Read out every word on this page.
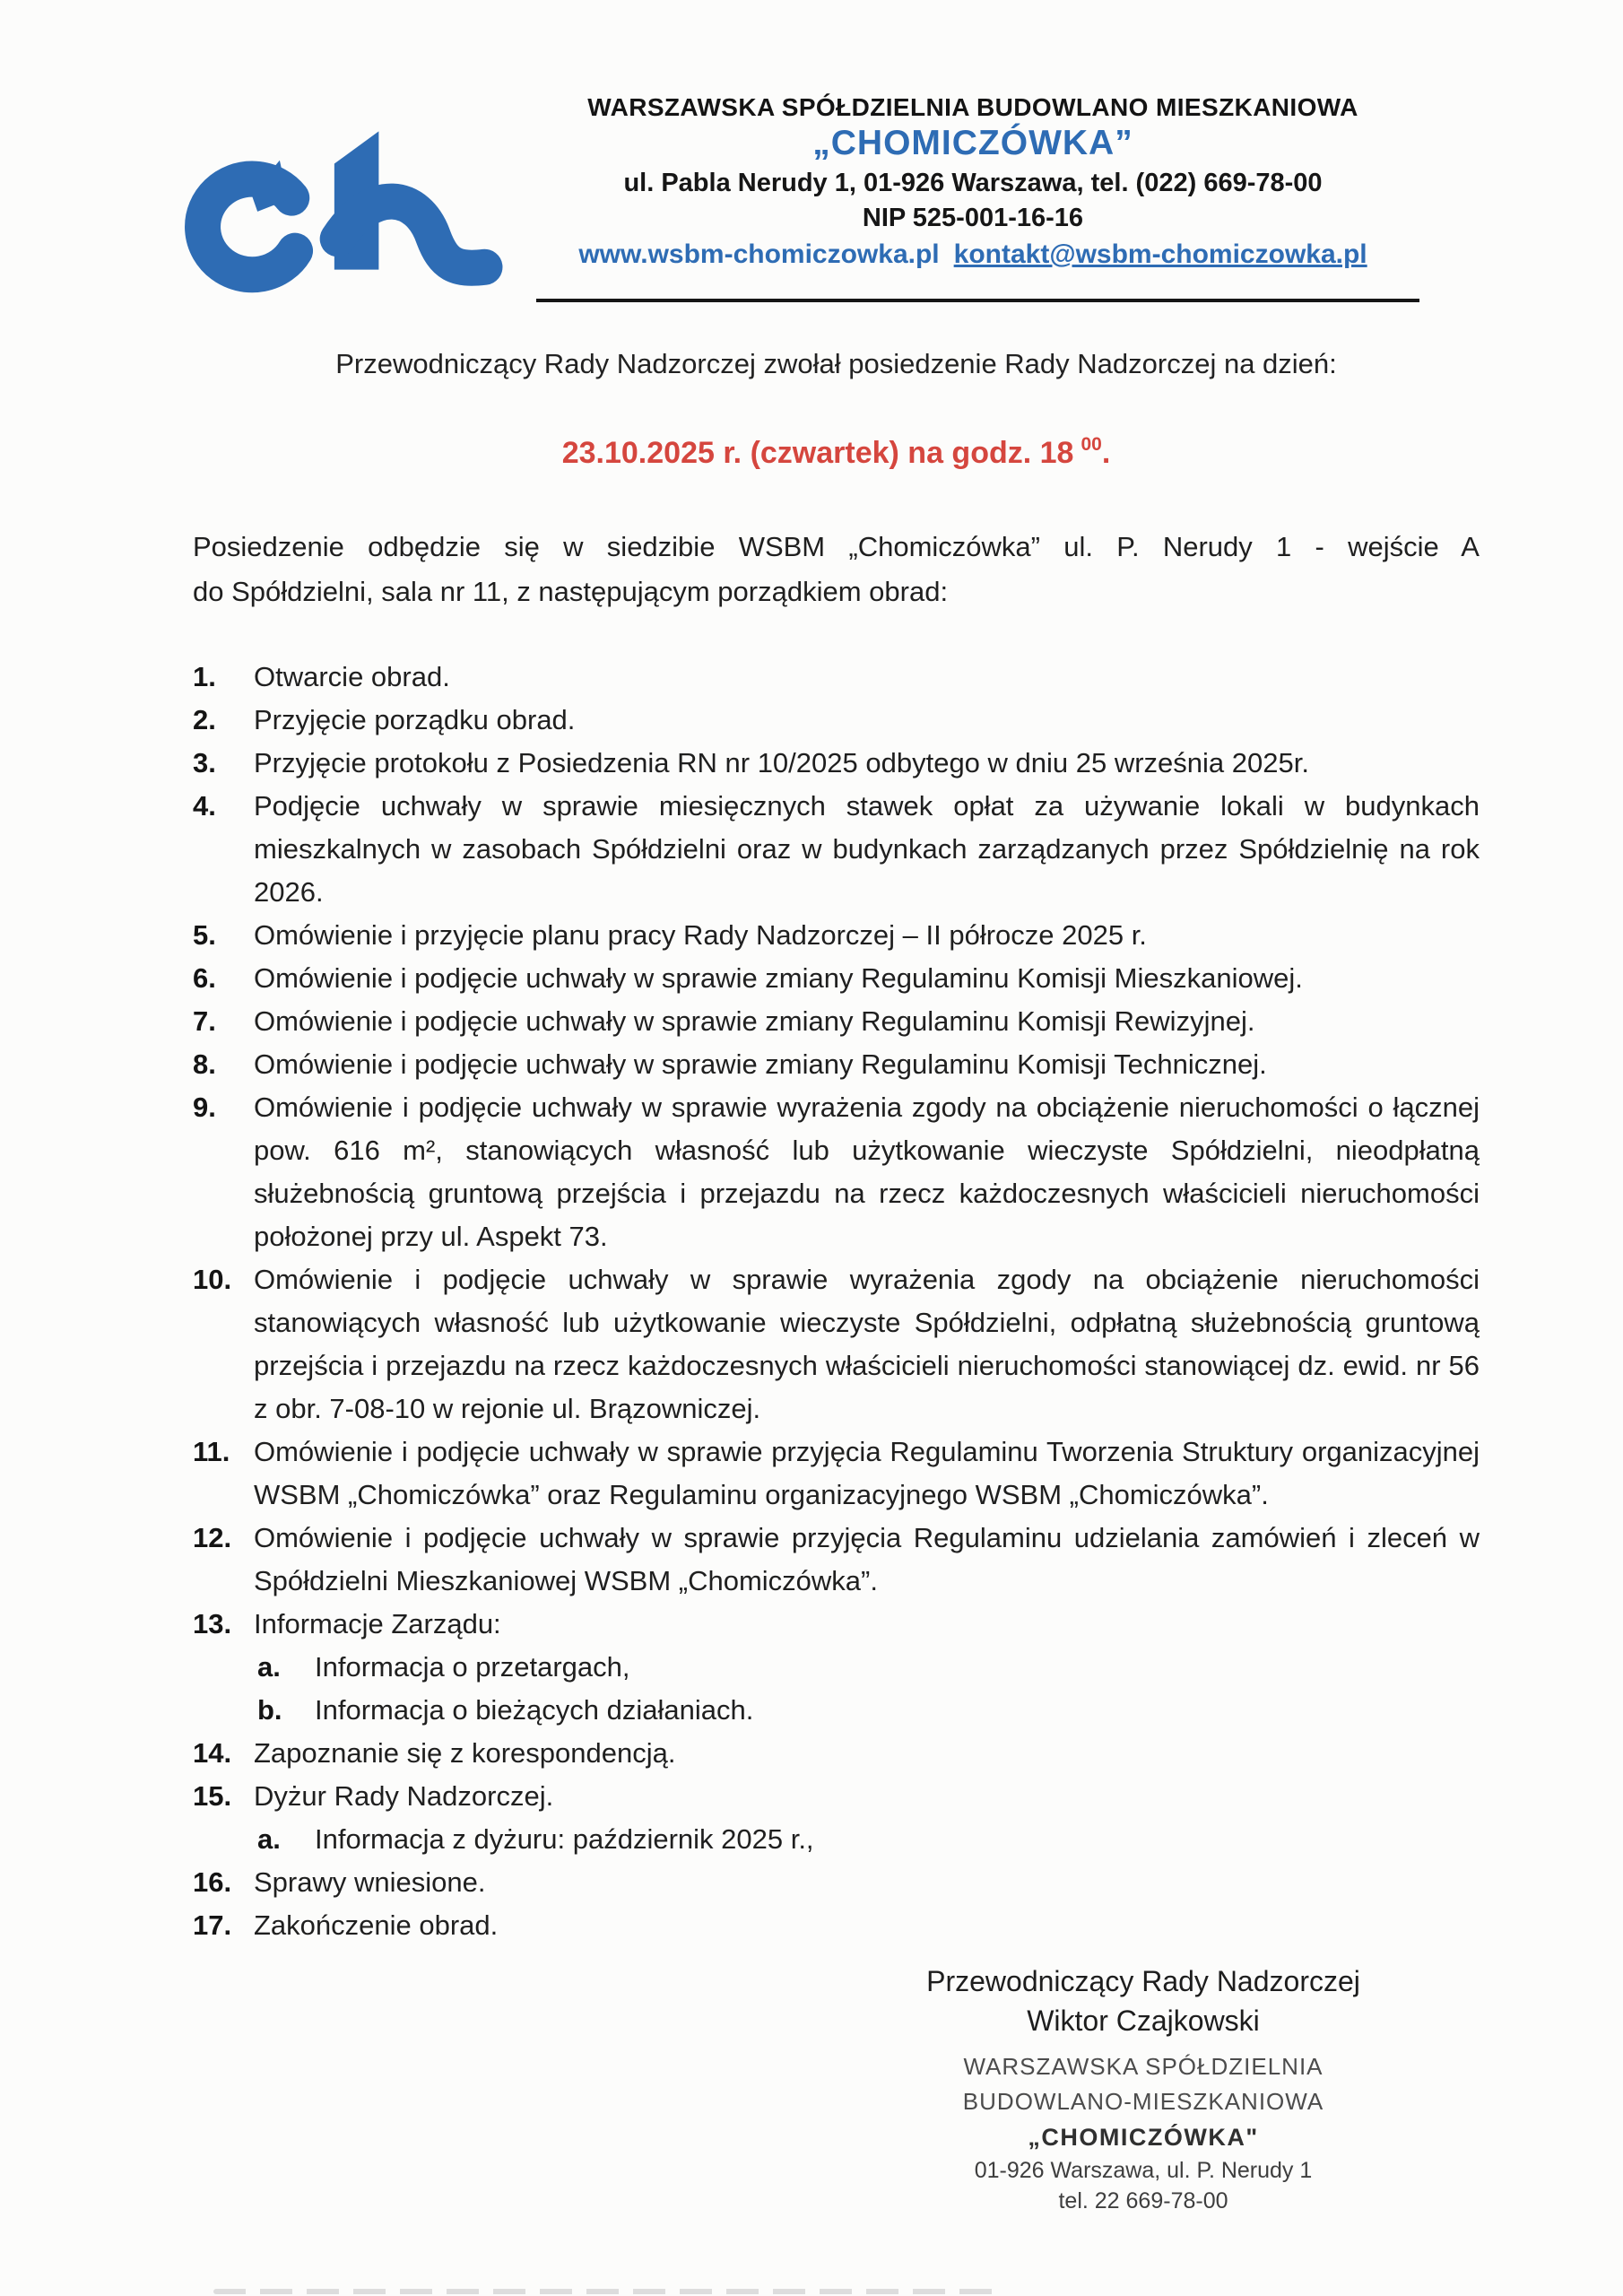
WARSZAWSKA SPÓŁDZIELNIA BUDOWLANO MIESZKANIOWA
„CHOMICZÓWKA”
ul. Pabla Nerudy 1, 01-926 Warszawa, tel. (022) 669-78-00
NIP 525-001-16-16
www.wsbm-chomiczowka.pl kontakt@wsbm-chomiczowka.pl

Przewodniczący Rady Nadzorczej zwołał posiedzenie Rady Nadzorczej na dzień:

23.10.2025 r. (czwartek) na godz. 18 $^{00}$.

Posiedzenie odbędzie się w siedzibie WSBM „Chomiczówka” ul. P. Nerudy 1 - wejście A
do Spółdzielni, sala nr 11, z następującym porządkiem obrad:

1.	Otwarcie obrad.
2.	Przyjęcie porządku obrad.
3.	Przyjęcie protokołu z Posiedzenia RN nr 10/2025 odbytego w dniu 25 września 2025r.
4.	Podjęcie uchwały w sprawie miesięcznych stawek opłat za używanie lokali w budynkach mieszkalnych w zasobach Spółdzielni oraz w budynkach zarządzanych przez Spółdzielnię na rok 2026.
5.	Omówienie i przyjęcie planu pracy Rady Nadzorczej – II półrocze 2025 r.
6.	Omówienie i podjęcie uchwały w sprawie zmiany Regulaminu Komisji Mieszkaniowej.
7.	Omówienie i podjęcie uchwały w sprawie zmiany Regulaminu Komisji Rewizyjnej.
8.	Omówienie i podjęcie uchwały w sprawie zmiany Regulaminu Komisji Technicznej.
9.	Omówienie i podjęcie uchwały w sprawie wyrażenia zgody na obciążenie nieruchomości o łącznej pow. 616 m², stanowiących własność lub użytkowanie wieczyste Spółdzielni, nieodpłatną służebnością gruntową przejścia i przejazdu na rzecz każdoczesnych właścicieli nieruchomości położonej przy ul. Aspekt 73.
10. Omówienie i podjęcie uchwały w sprawie wyrażenia zgody na obciążenie nieruchomości stanowiących własność lub użytkowanie wieczyste Spółdzielni, odpłatną służebnością gruntową przejścia i przejazdu na rzecz każdoczesnych właścicieli nieruchomości stanowiącej dz. ewid. nr 56 z obr. 7-08-10 w rejonie ul. Brązowniczej.
11. Omówienie i podjęcie uchwały w sprawie przyjęcia Regulaminu Tworzenia Struktury organizacyjnej WSBM „Chomiczówka” oraz Regulaminu organizacyjnego WSBM „Chomiczówka”.
12. Omówienie i podjęcie uchwały w sprawie przyjęcia Regulaminu udzielania zamówień i zleceń w Spółdzielni Mieszkaniowej WSBM „Chomiczówka”.
13. Informacje Zarządu:
a.	Informacja o przetargach,
b.	Informacja o bieżących działaniach.
14. Zapoznanie się z korespondencją.
15. Dyżur Rady Nadzorczej.
a.	Informacja z dyżuru: październik 2025 r.,
16. Sprawy wniesione.
17. Zakończenie obrad.
Przewodniczący Rady Nadzorczej
Wiktor Czajkowski
WARSZAWSKA SPÓŁDZIELNIA
BUDOWLANO-MIESZKANIOWA
„CHOMICZÓWKA"
01-926 Warszawa, ul. P. Nerudy 1
tel. 22 669-78-00
